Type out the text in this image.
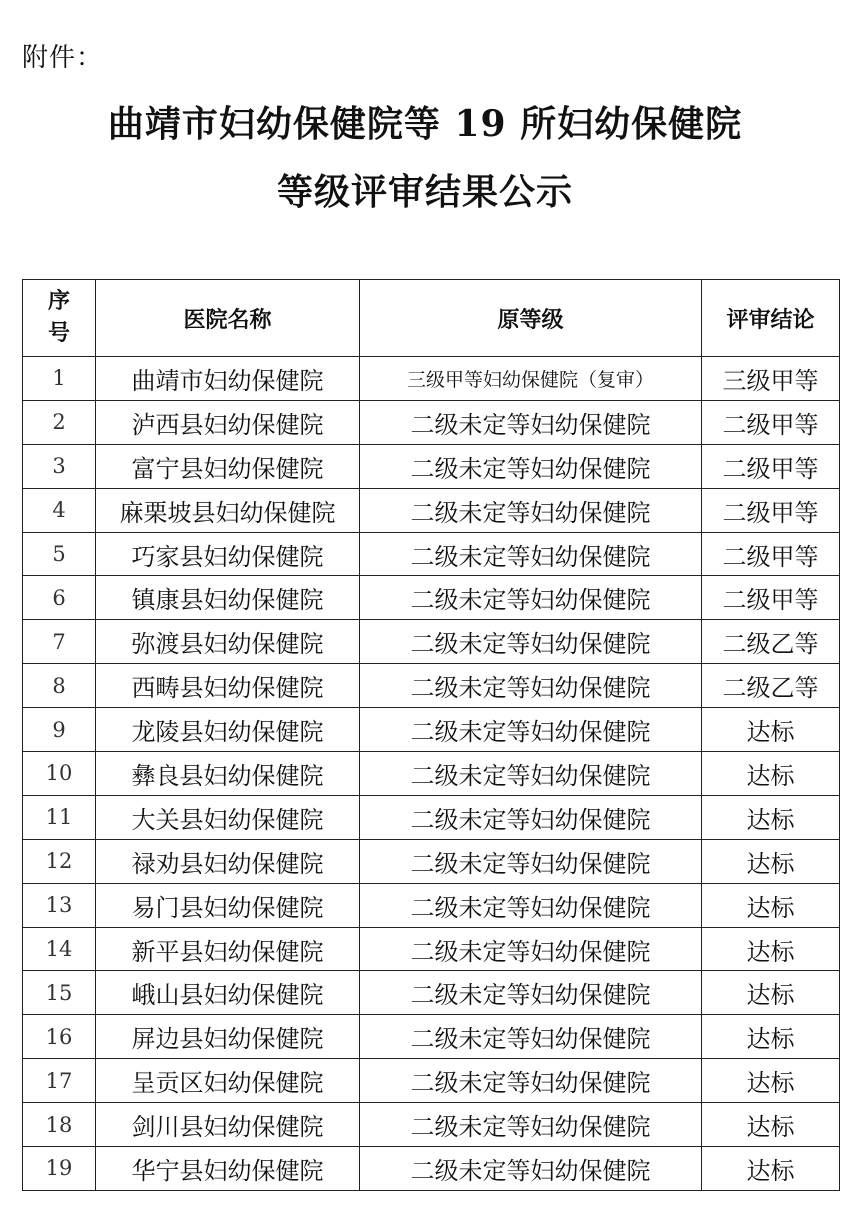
附件：
曲靖市妇幼保健院等 19 所妇幼保健院
等级评审结果公示
序
号	医院名称	原等级	评审结论
1	曲靖市妇幼保健院	三级甲等妇幼保健院（复审）	三级甲等
2	泸西县妇幼保健院	二级未定等妇幼保健院	二级甲等
3	富宁县妇幼保健院	二级未定等妇幼保健院	二级甲等
4	麻栗坡县妇幼保健院	二级未定等妇幼保健院	二级甲等
5	巧家县妇幼保健院	二级未定等妇幼保健院	二级甲等
6	镇康县妇幼保健院	二级未定等妇幼保健院	二级甲等
7	弥渡县妇幼保健院	二级未定等妇幼保健院	二级乙等
8	西畴县妇幼保健院	二级未定等妇幼保健院	二级乙等
9	龙陵县妇幼保健院	二级未定等妇幼保健院	达标
10	彝良县妇幼保健院	二级未定等妇幼保健院	达标
11	大关县妇幼保健院	二级未定等妇幼保健院	达标
12	禄劝县妇幼保健院	二级未定等妇幼保健院	达标
13	易门县妇幼保健院	二级未定等妇幼保健院	达标
14	新平县妇幼保健院	二级未定等妇幼保健院	达标
15	峨山县妇幼保健院	二级未定等妇幼保健院	达标
16	屏边县妇幼保健院	二级未定等妇幼保健院	达标
17	呈贡区妇幼保健院	二级未定等妇幼保健院	达标
18	剑川县妇幼保健院	二级未定等妇幼保健院	达标
19	华宁县妇幼保健院	二级未定等妇幼保健院	达标
